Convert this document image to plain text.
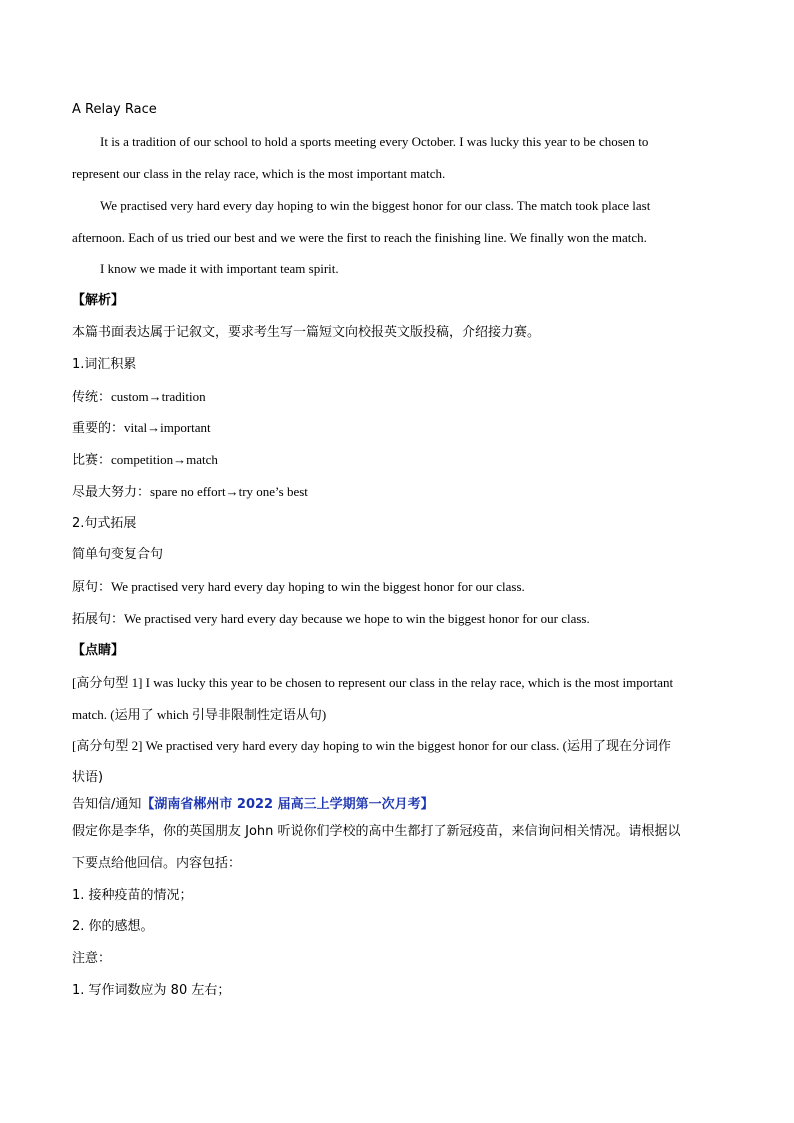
A Relay Race
It is a tradition of our school to hold a sports meeting every October. I was lucky this year to be chosen to
represent our class in the relay race, which is the most important match.
We practised very hard every day hoping to win the biggest honor for our class. The match took place last
afternoon. Each of us tried our best and we were the first to reach the finishing line. We finally won the match.
I know we made it with important team spirit.
【解析】
本篇书面表达属于记叙文，要求考生写一篇短文向校报英文版投稿，介绍接力赛。
1.词汇积累
传统：custom→tradition
重要的：vital→important
比赛：competition→match
尽最大努力：spare no effort→try one’s best
2.句式拓展
简单句变复合句
原句：We practised very hard every day hoping to win the biggest honor for our class.
拓展句：We practised very hard every day because we hope to win the biggest honor for our class.
【点睛】
[高分句型 1] I was lucky this year to be chosen to represent our class in the relay race, which is the most important
match. (运用了 which 引导非限制性定语从句)
[高分句型 2] We practised very hard every day hoping to win the biggest honor for our class. (运用了现在分词作
状语)
告知信/通知【湖南省郴州市 2022 届高三上学期第一次月考】
假定你是李华，你的英国朋友 John 听说你们学校的高中生都打了新冠疫苗，来信询问相关情况。请根据以
下要点给他回信。内容包括：
1. 接种疫苗的情况；
2. 你的感想。
注意：
1. 写作词数应为 80 左右；
